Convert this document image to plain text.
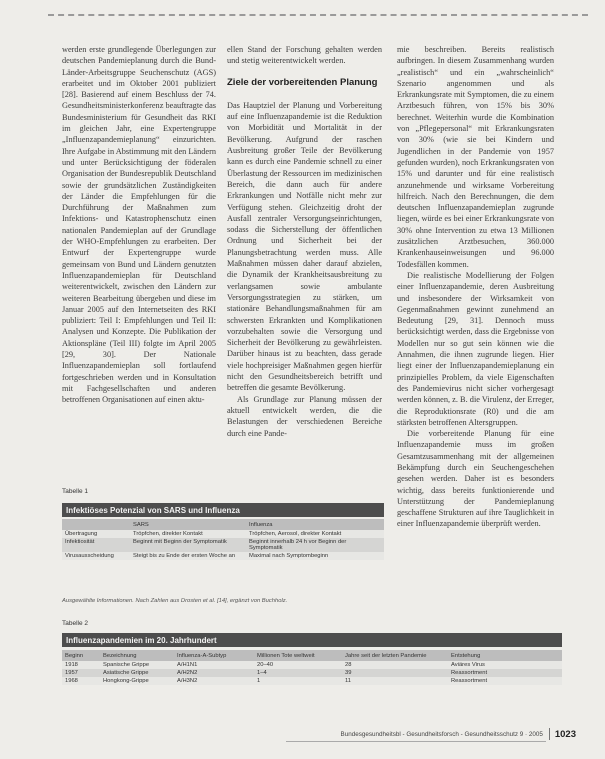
werden erste grundlegende Überlegungen zur deutschen Pandemieplanung durch die Bund-Länder-Arbeitsgruppe Seuchenschutz (AGS) erarbeitet und im Oktober 2001 publiziert [28]. Basierend auf einem Beschluss der 74. Gesundheitsministerkonferenz beauftragte das Bundesministerium für Gesundheit das RKI im gleichen Jahr, eine Expertengruppe „Influenzapandemieplanung“ einzurichten. Ihre Aufgabe in Abstimmung mit den Ländern und unter Berücksichtigung der föderalen Organisation der Bundesrepublik Deutschland sowie der grundsätzlichen Zuständigkeiten der Länder die Empfehlungen für die Durchführung der Maßnahmen zum Infektions- und Katastrophenschutz einen nationalen Pandemieplan auf der Grundlage der WHO-Empfehlungen zu erarbeiten. Der Entwurf der Expertengruppe wurde gemeinsam von Bund und Ländern genutzten Influenzapandemieplan für Deutschland weiterentwickelt, zwischen den Ländern zur weiteren Bearbeitung übergeben und diese im Januar 2005 auf den Internetseiten des RKI publiziert: Teil I: Empfehlungen und Teil II: Analysen und Konzepte. Die Publikation der Aktionspläne (Teil III) folgte im April 2005 [29, 30]. Der Nationale Influenzapandemieplan soll fortlaufend fortgeschrieben werden und in Konsultation mit Fachgesellschaften und anderen betroffenen Organisationen auf einen aktu-

ellen Stand der Forschung gehalten werden und stetig weiterentwickelt werden.

Ziele der vorbereitenden Planung

Das Hauptziel der Planung und Vorbereitung auf eine Influenzapandemie ist die Reduktion von Morbidität und Mortalität in der Bevölkerung. Aufgrund der raschen Ausbreitung großer Teile der Bevölkerung kann es durch eine Pandemie schnell zu einer Überlastung der Ressourcen im medizinischen Bereich, die dann auch für andere Erkrankungen und Notfälle nicht mehr zur Verfügung stehen. Gleichzeitig droht der Ausfall zentraler Versorgungseinrichtungen, sodass die Sicherstellung der öffentlichen Ordnung und Sicherheit bei der Planungsbetrachtung werden muss. Alle Maßnahmen müssen daher darauf abzielen, die Dynamik der Krankheitsausbreitung zu verlangsamen sowie ambulante Versorgungsstrategien zu stärken, um stationäre Behandlungsmaßnahmen für am schwersten Erkrankten und Komplikationen vorzubehalten sowie die Versorgung und Sicherheit der Bevölkerung zu gewährleisten. Darüber hinaus ist zu beachten, dass gerade viele hochpreisiger Maßnahmen gegen hierfür nicht den Gesundheitsbereich betrifft und betreffen die gesamte Bevölkerung.

Als Grundlage zur Planung müssen der aktuell entwickelt werden, die die Belastungen der verschiedenen Bereiche durch eine Pande-

mie beschreiben. Bereits realistisch aufbringen. In diesem Zusammenhang wurden „realistisch“ und ein „wahrscheinlich“ Szenario angenommen und als Erkrankungsrate mit Symptomen, die zu einem Arztbesuch führen, von 15% bis 30% berechnet. Weiterhin wurde die Kombination von „Pflegepersonal“ mit Erkrankungsraten von 30% (wie sie bei Kindern und Jugendlichen in der Pandemie von 1957 gefunden wurden), noch Erkrankungsraten von 15% und darunter und für eine realistisch anzunehmende und wirksame Vorbereitung hilfreich. Nach den Berechnungen, die dem deutschen Influenzapandemieplan zugrunde liegen, würde es bei einer Erkrankungsrate von 30% ohne Intervention zu etwa 13 Millionen zusätzlichen Arztbesuchen, 360.000 Krankenhauseinweisungen und 96.000 Todesfällen kommen.

Die realistische Modellierung der Folgen einer Influenzapandemie, deren Ausbreitung und insbesondere der Wirksamkeit von Gegenmaßnahmen gewinnt zunehmend an Bedeutung [29, 31]. Dennoch muss berücksichtigt werden, dass die Ergebnisse von Modellen nur so gut sein können wie die Annahmen, die ihnen zugrunde liegen. Hier liegt einer der Influenzapandemieplanung ein prinzipielles Problem, da viele Eigenschaften des Pandemievirus nicht sicher vorhergesagt werden können, z. B. die Virulenz, der Erreger, die Reproduktionsrate (R0) und die am stärksten betroffenen Altersgruppen.

Die vorbereitende Planung für eine Influenzapandemie muss im großen Gesamtzusammenhang mit der allgemeinen Bekämpfung durch ein Seuchengeschehen gesehen werden. Daher ist es besonders wichtig, dass bereits funktionierende und Unterstützung der Pandemieplanung geschaffene Strukturen auf ihre Tauglichkeit in einer Influenzapandemie überprüft werden.

Tabelle 1
Infektiöses Potenzial von SARS und Influenza
	SARS	Influenza
Übertragung	Tröpfchen, direkter Kontakt	Tröpfchen, Aerosol, direkter Kontakt
Infektiosität	Beginnt mit Beginn der Symptomatik	Beginnt innerhalb 24 h vor Beginn der Symptomatik
Virusausscheidung	Steigt bis zu Ende der ersten Woche an	Maximal nach Symptombeginn
Ausgewählte Informationen. Nach Zahlen aus Drosten et al. [14], ergänzt von Buchholz.
Tabelle 2
Influenzapandemien im 20. Jahrhundert
Beginn	Bezeichnung	Influenza-A-Subtyp	Millionen Tote weltweit	Jahre seit der letzten Pandemie	Entstehung
1918	Spanische Grippe	A/H1N1	20–40	28	Aviäres Virus
1957	Asiatische Grippe	A/H2N2	1–4	39	Reassortment
1968	Hongkong-Grippe	A/H3N2	1	11	Reassortment
Bundesgesundheitsbl - Gesundheitsforsch - Gesundheitsschutz 9 · 2005 1023
